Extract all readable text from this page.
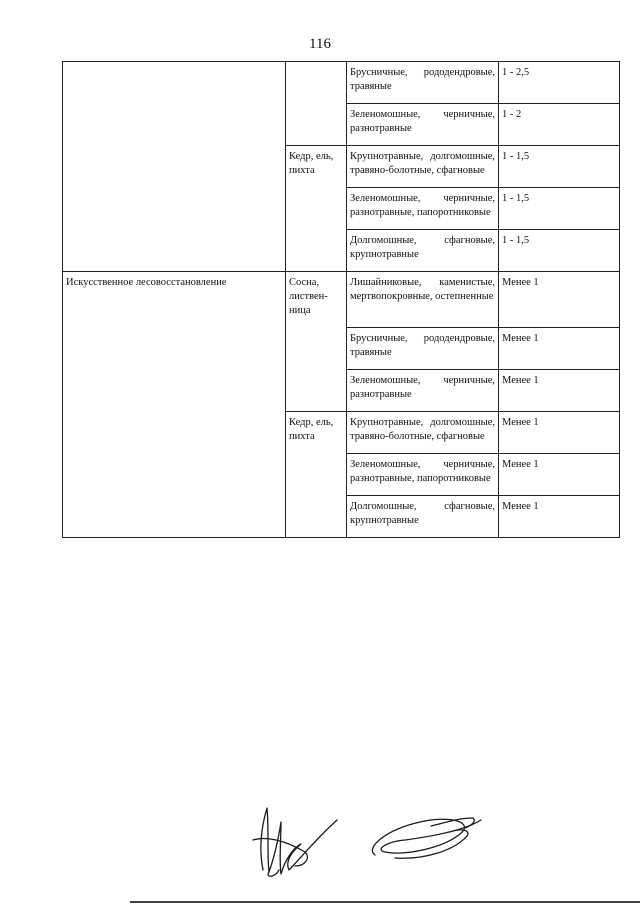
116
		Брусничные, рододендровые, травяные	1 - 2,5
		Зеленомошные, черничные, разнотравные	1 - 2
	Кедр, ель, пихта	Крупнотравные, долгомошные, травяно-болотные, сфагновые	1 - 1,5
		Зеленомошные, черничные, разнотравные, папоротниковые	1 - 1,5
		Долгомошные, сфагновые, крупнотравные	1 - 1,5
Искусственное лесовосстановление	Сосна, листвен-ница	Лишайниковые, каменистые, мертвопокровные, остепненные	Менее 1
		Брусничные, рододендровые, травяные	Менее 1
		Зеленомошные, черничные, разнотравные	Менее 1
	Кедр, ель, пихта	Крупнотравные, долгомошные, травяно-болотные, сфагновые	Менее 1
		Зеленомошные, черничные, разнотравные, папоротниковые	Менее 1
		Долгомошные, сфагновые, крупнотравные	Менее 1
